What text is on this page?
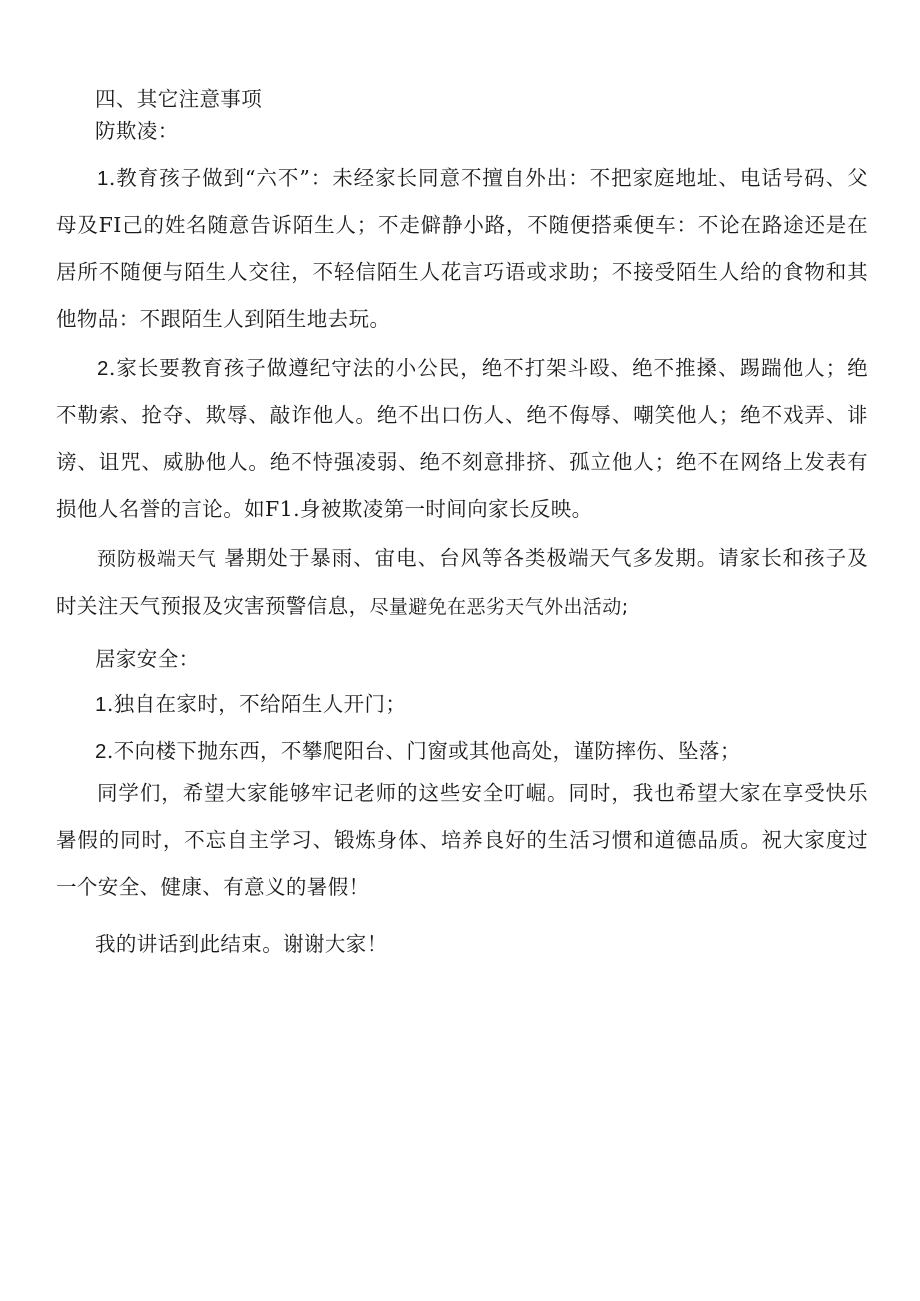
四、其它注意事项
防欺凌：
1.教育孩子做到“六不”：未经家长同意不擅自外出：不把家庭地址、电话号码、父母及FI己的姓名随意告诉陌生人；不走僻静小路，不随便搭乘便车：不论在路途还是在居所不随便与陌生人交往，不轻信陌生人花言巧语或求助；不接受陌生人给的食物和其他物品：不跟陌生人到陌生地去玩。
2.家长要教育孩子做遵纪守法的小公民，绝不打架斗殴、绝不推搡、踢踹他人；绝不勒索、抢夺、欺辱、敲诈他人。绝不出口伤人、绝不侮辱、嘲笑他人；绝不戏弄、诽谤、诅咒、威胁他人。绝不恃强凌弱、绝不刻意排挤、孤立他人；绝不在网络上发表有损他人名誉的言论。如F1.身被欺凌第一时间向家长反映。
预防极端天气 暑期处于暴雨、宙电、台风等各类极端天气多发期。请家长和孩子及时关注天气预报及灾害预警信息，尽量避免在恶劣天气外出活动;
居家安全：
1.独自在家时，不给陌生人开门；
2.不向楼下抛东西，不攀爬阳台、门窗或其他高处，谨防摔伤、坠落；
同学们，希望大家能够牢记老师的这些安全叮崛。同时，我也希望大家在享受快乐暑假的同时，不忘自主学习、锻炼身体、培养良好的生活习惯和道德品质。祝大家度过一个安全、健康、有意义的暑假！
我的讲话到此结束。谢谢大家！
